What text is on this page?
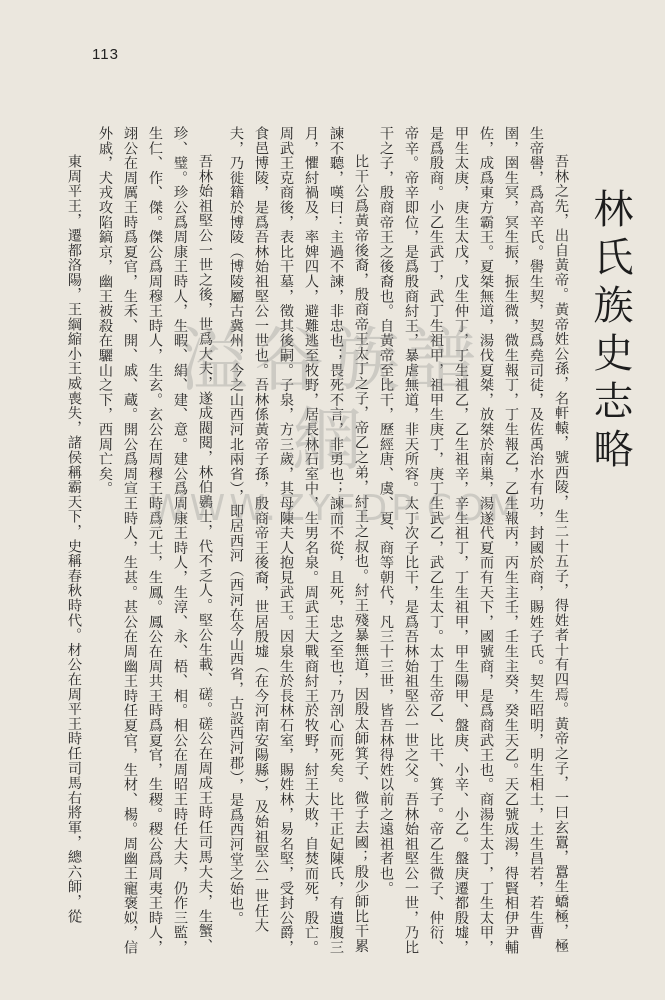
113
林氏族史志略

吾林之先，出自黃帝。黃帝姓公孫，名軒轅，號西陵，生二十五子，得姓者十有四焉。黃帝之子，一曰玄囂，囂生蟜極，極生帝嚳，爲高辛氏。嚳生契，契爲堯司徒，及佐禹治水有功，封國於商，賜姓子氏。契生昭明，明生相土，土生昌若，若生曹圉，圉生冥，冥生振，振生微，微生報丁，丁生報乙，乙生報丙，丙生主壬，壬生主癸，癸生天乙。天乙號成湯，得賢相伊尹輔佐，成爲東方霸王。夏桀無道，湯伐夏桀，放桀於南巢，湯遂代夏而有天下，國號商，是爲商武王也。商湯生太丁，丁生太甲，甲生太庚，庚生太戊，戊生仲丁，丁生祖乙，乙生祖辛，辛生祖丁，丁生祖甲，甲生陽甲、盤庚、小辛、小乙。盤庚遷都殷墟，是爲殷商。小乙生武丁，武丁生祖甲，祖甲生庚丁，庚丁生武乙，武乙生太丁。太丁生帝乙、比干、箕子。帝乙生微子、仲衍、帝辛。帝辛即位，是爲殷商紂王，暴虐無道，非天所容。太丁次子比干，是爲吾林始祖堅公一世之父。吾林始祖堅公一世，乃比干之子，殷商帝王之後裔也。自黃帝至比干，歷經唐、虞、夏、商等朝代，凡三十三世，皆吾林得姓以前之遠祖者也。

比干公爲黃帝後裔，殷商帝王太丁之子，帝乙之弟，紂王之叔也。紂王殘暴無道，因殷太師箕子、微子去國；殷少師比干累諫不聽，嘆曰：主過不諫，非忠也；畏死不言，非勇也；諫而不從，且死，忠之至也；乃剖心而死矣。比干正妃陳氏，有遺腹三月，懼紂禍及，率婢四人，避難逃至牧野，居長林石室中，生男名泉。周武王大戰商紂王於牧野，紂王大敗，自焚而死，殷亡。周武王克商後，表比干墓，徵其後嗣。子泉，方三歲，其母陳夫人抱見武王。因泉生於長林石室，賜姓林，易名堅，受封公爵，食邑博陵，是爲吾林始祖堅公一世也。吾林係黃帝子孫，殷商帝王後裔，世居殷墟（在今河南安陽縣），及始祖堅公一世任大夫，乃徙籍於博陵（博陵屬古冀州，今之山西河北兩省），即居西河（西河在今山西省，古設西河郡），是爲西河堂之始也。

吾林始祖堅公一世之後，世爲大夫，遂成閥閱，林伯鷃士，代不乏人。堅公生載、磋。磋公在周成王時任司馬大夫，生蟹、珍、璧。珍公爲周康王時人，生暇、絹、建、意。建公爲周康王時人，生淳、永、梧、相。相公在周昭王時任大夫，仍作三監，生仁、作、傑。傑公爲周穆王時人，生玄。玄公在周穆王時爲元士，生鳳。鳳公在周共王時爲夏官，生稷。稷公爲周夷王時人，翊公在周厲王時爲夏官，生禾、開、戚、蔵。開公爲周宣王時人，生甚。甚公在周幽王時任夏官，生材、楊。周幽王寵褒姒，信外戚，犬戎攻陷鎬京，幽王被殺在驪山之下，西周亡矣。

東周平王，遷都洛陽，王綱縮小王威喪失，諸侯稱霸天下，史稱春秋時代。材公在周平王時任司馬右將軍，總六師，從	溢谷族譜網
WWW.ZYFDP.COM
